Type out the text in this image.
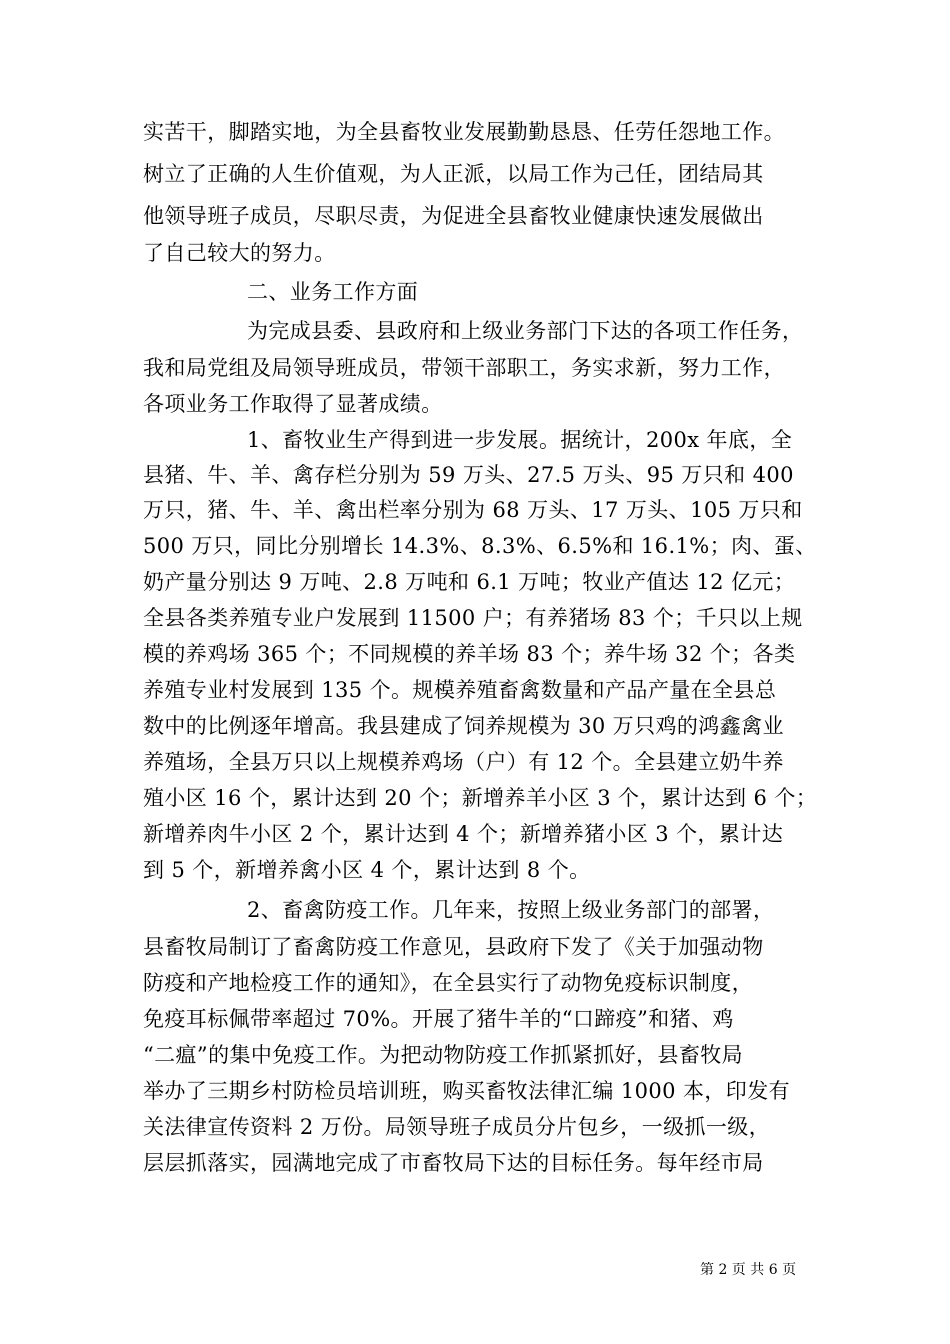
实苦干，脚踏实地，为全县畜牧业发展勤勤恳恳、任劳任怨地工作。
树立了正确的人生价值观，为人正派，以局工作为己任，团结局其
他领导班子成员，尽职尽责，为促进全县畜牧业健康快速发展做出
了自己较大的努力。
二、业务工作方面
为完成县委、县政府和上级业务部门下达的各项工作任务，
我和局党组及局领导班成员，带领干部职工，务实求新，努力工作，
各项业务工作取得了显著成绩。
1、畜牧业生产得到进一步发展。据统计，200x 年底，全
县猪、牛、羊、禽存栏分别为 59 万头、27.5 万头、95 万只和 400
万只，猪、牛、羊、禽出栏率分别为 68 万头、17 万头、105 万只和
500 万只，同比分别增长 14.3%、8.3%、6.5%和 16.1%；肉、蛋、
奶产量分别达 9 万吨、2.8 万吨和 6.1 万吨；牧业产值达 12 亿元；
全县各类养殖专业户发展到 11500 户；有养猪场 83 个；千只以上规
模的养鸡场 365 个；不同规模的养羊场 83 个；养牛场 32 个；各类
养殖专业村发展到 135 个。规模养殖畜禽数量和产品产量在全县总
数中的比例逐年增高。我县建成了饲养规模为 30 万只鸡的鸿鑫禽业
养殖场，全县万只以上规模养鸡场（户）有 12 个。全县建立奶牛养
殖小区 16 个，累计达到 20 个；新增养羊小区 3 个，累计达到 6 个；
新增养肉牛小区 2 个，累计达到 4 个；新增养猪小区 3 个，累计达
到 5 个，新增养禽小区 4 个，累计达到 8 个。
2、畜禽防疫工作。几年来，按照上级业务部门的部署，
县畜牧局制订了畜禽防疫工作意见，县政府下发了《关于加强动物
防疫和产地检疫工作的通知》，在全县实行了动物免疫标识制度，
免疫耳标佩带率超过 70%。开展了猪牛羊的“口蹄疫”和猪、鸡
“二瘟”的集中免疫工作。为把动物防疫工作抓紧抓好，县畜牧局
举办了三期乡村防检员培训班，购买畜牧法律汇编 1000 本，印发有
关法律宣传资料 2 万份。局领导班子成员分片包乡，一级抓一级，
层层抓落实，园满地完成了市畜牧局下达的目标任务。每年经市局
第 2 页 共 6 页
